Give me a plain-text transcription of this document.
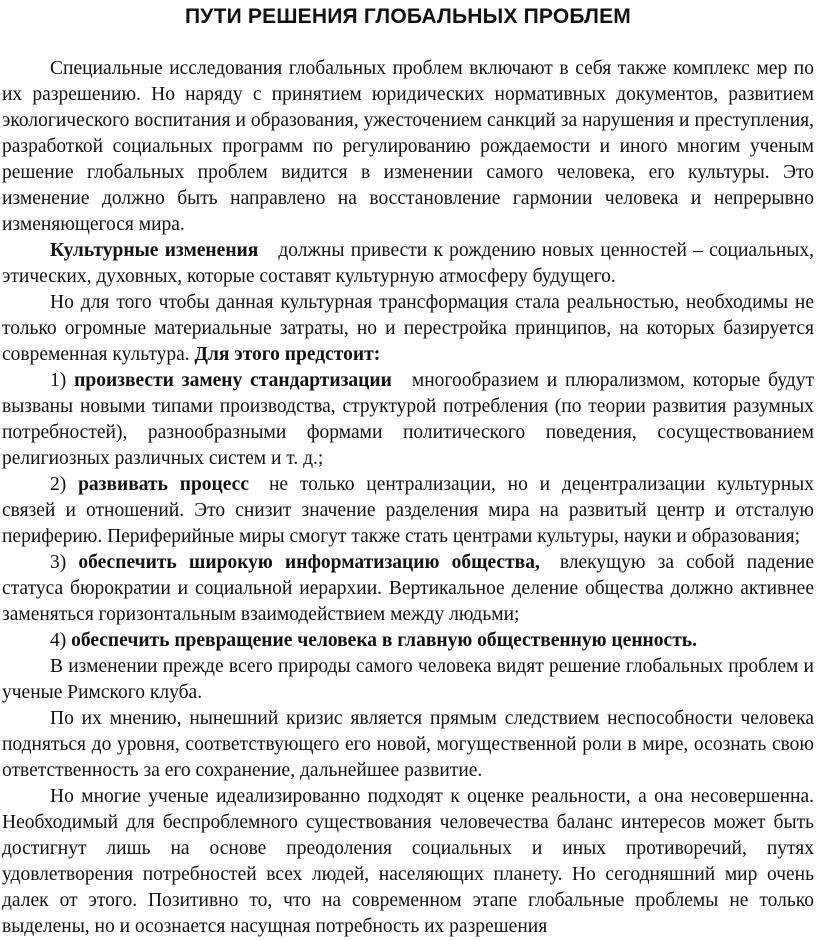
ПУТИ РЕШЕНИЯ ГЛОБАЛЬНЫХ ПРОБЛЕМ

Специальные исследования глобальных проблем включают в себя также комплекс мер по их разрешению. Но наряду с принятием юридических нормативных документов, развитием экологического воспитания и образования, ужесточением санкций за нарушения и преступления, разработкой социальных программ по регулированию рождаемости и иного многим ученым решение глобальных проблем видится в изменении самого человека, его культуры. Это изменение должно быть направлено на восстановление гармонии человека и непрерывно изменяющегося мира.

Культурные изменения должны привести к рождению новых ценностей – социальных, этических, духовных, которые составят культурную атмосферу будущего.

Но для того чтобы данная культурная трансформация стала реальностью, необходимы не только огромные материальные затраты, но и перестройка принципов, на которых базируется современная культура. Для этого предстоит:

1) произвести замену стандартизации многообразием и плюрализмом, которые будут вызваны новыми типами производства, структурой потребления (по теории развития разумных потребностей), разнообразными формами политического поведения, сосуществованием религиозных различных систем и т. д.;

2) развивать процесс не только централизации, но и децентрализации культурных связей и отношений. Это снизит значение разделения мира на развитый центр и отсталую периферию. Периферийные миры смогут также стать центрами культуры, науки и образования;

3) обеспечить широкую информатизацию общества, влекущую за собой падение статуса бюрократии и социальной иерархии. Вертикальное деление общества должно активнее заменяться горизонтальным взаимодействием между людьми;

4) обеспечить превращение человека в главную общественную ценность.

В изменении прежде всего природы самого человека видят решение глобальных проблем и ученые Римского клуба.

По их мнению, нынешний кризис является прямым следствием неспособности человека подняться до уровня, соответствующего его новой, могущественной роли в мире, осознать свою ответственность за его сохранение, дальнейшее развитие.

Но многие ученые идеализированно подходят к оценке реальности, а она несовершенна. Необходимый для беспроблемного существования человечества баланс интересов может быть достигнут лишь на основе преодоления социальных и иных противоречий, путях удовлетворения потребностей всех людей, населяющих планету. Но сегодняшний мир очень далек от этого. Позитивно то, что на современном этапе глобальные проблемы не только выделены, но и осознается насущная потребность их разрешения
